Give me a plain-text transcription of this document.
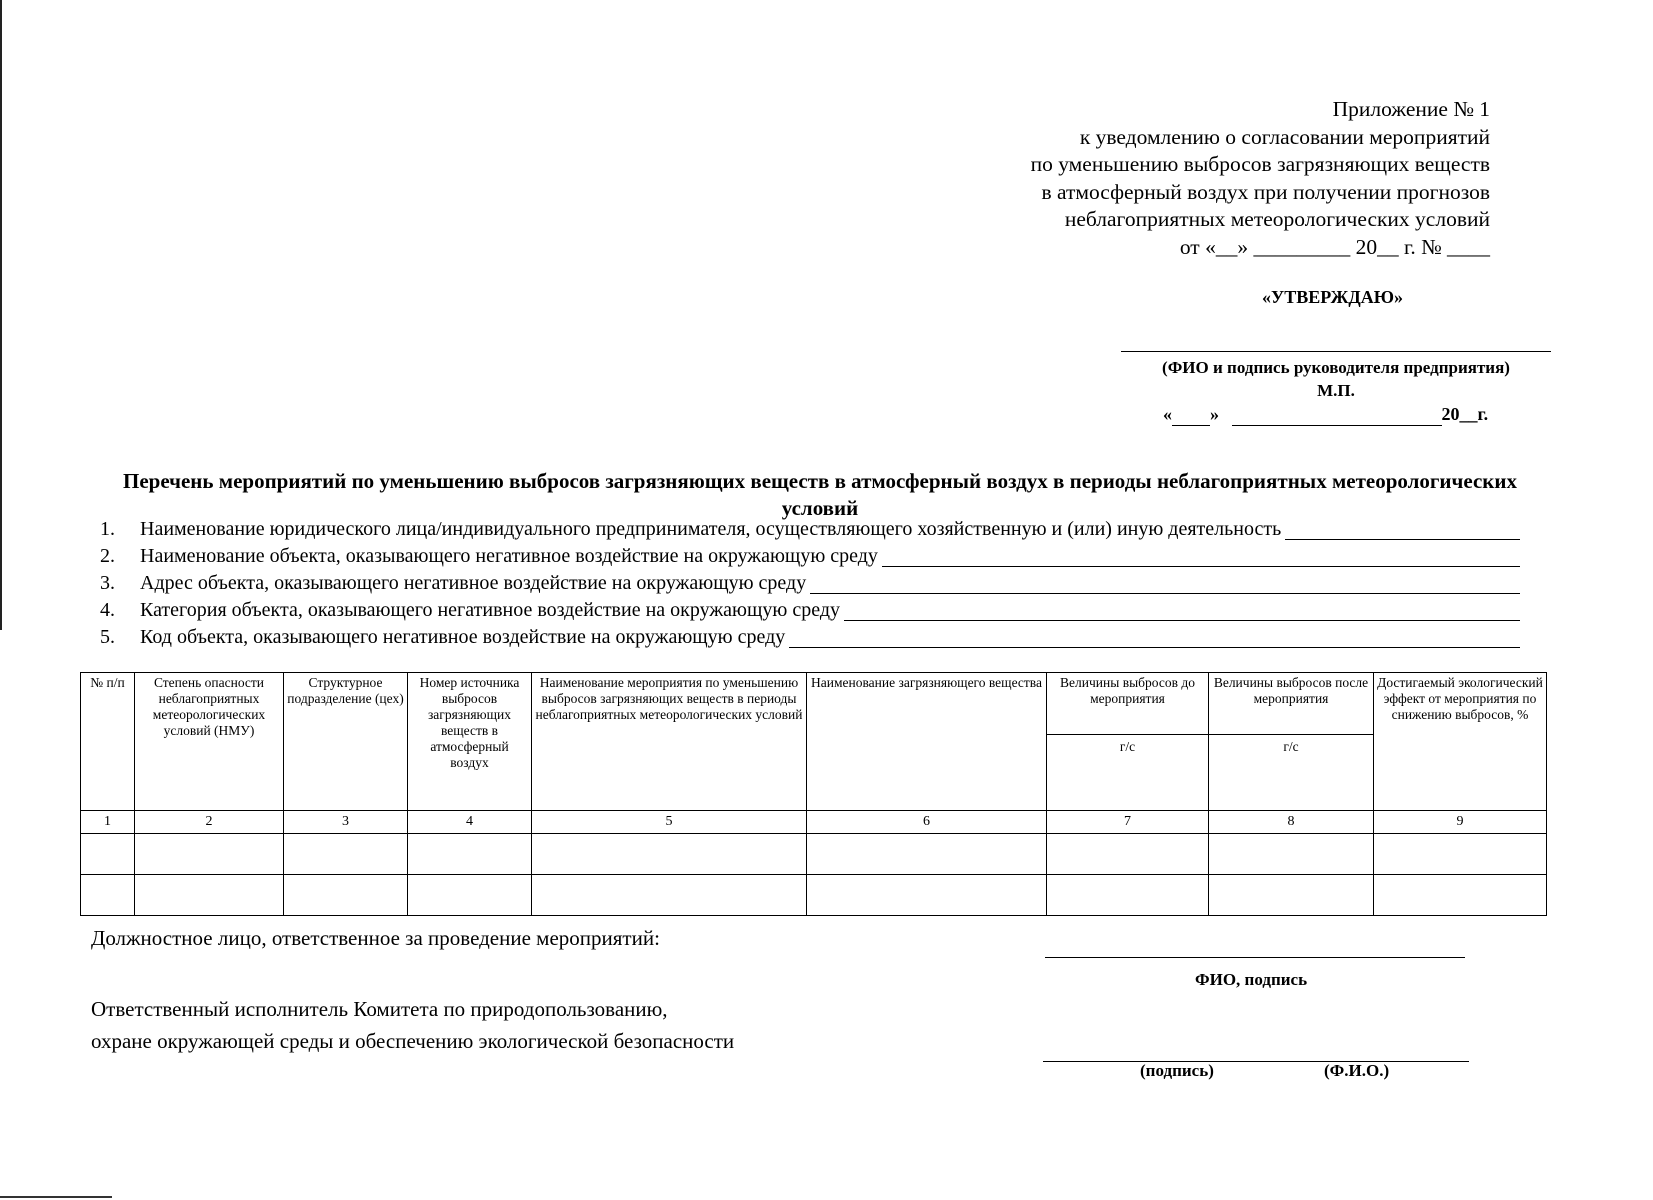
Приложение № 1
к уведомлению о согласовании мероприятий
по уменьшению выбросов загрязняющих веществ
в атмосферный воздух при получении прогнозов
неблагоприятных метеорологических условий
от «__» _________ 20__ г. № ____
«УТВЕРЖДАЮ»
(ФИО и подпись руководителя предприятия)
М.П.
« »	20__г.
Перечень мероприятий по уменьшению выбросов загрязняющих веществ в атмосферный воздух в периоды неблагоприятных метеорологических условий
1.	Наименование юридического лица/индивидуального предпринимателя, осуществляющего хозяйственную и (или) иную деятельность
2.	Наименование объекта, оказывающего негативное воздействие на окружающую среду
3.	Адрес объекта, оказывающего негативное воздействие на окружающую среду
4.	Категория объекта, оказывающего негативное воздействие на окружающую среду
5.	Код объекта, оказывающего негативное воздействие на окружающую среду
№ п/п	Степень опасности неблагоприятных метеорологических условий (НМУ)	Структурное подразделение (цех)	Номер источника выбросов загрязняющих веществ в атмосферный воздух	Наименование мероприятия по уменьшению выбросов загрязняющих веществ в периоды неблагоприятных метеорологических условий	Наименование загрязняющего вещества	Величины выбросов до мероприятия	Величины выбросов после мероприятия	Достигаемый экологический эффект от мероприятия по снижению выбросов, %
						г/с	г/с	
1	2	3	4	5	6	7	8	9

Должностное лицо, ответственное за проведение мероприятий:
ФИО, подпись
Ответственный исполнитель Комитета по природопользованию,
охране окружающей среды и обеспечению экологической безопасности
(подпись)	(Ф.И.О.)
